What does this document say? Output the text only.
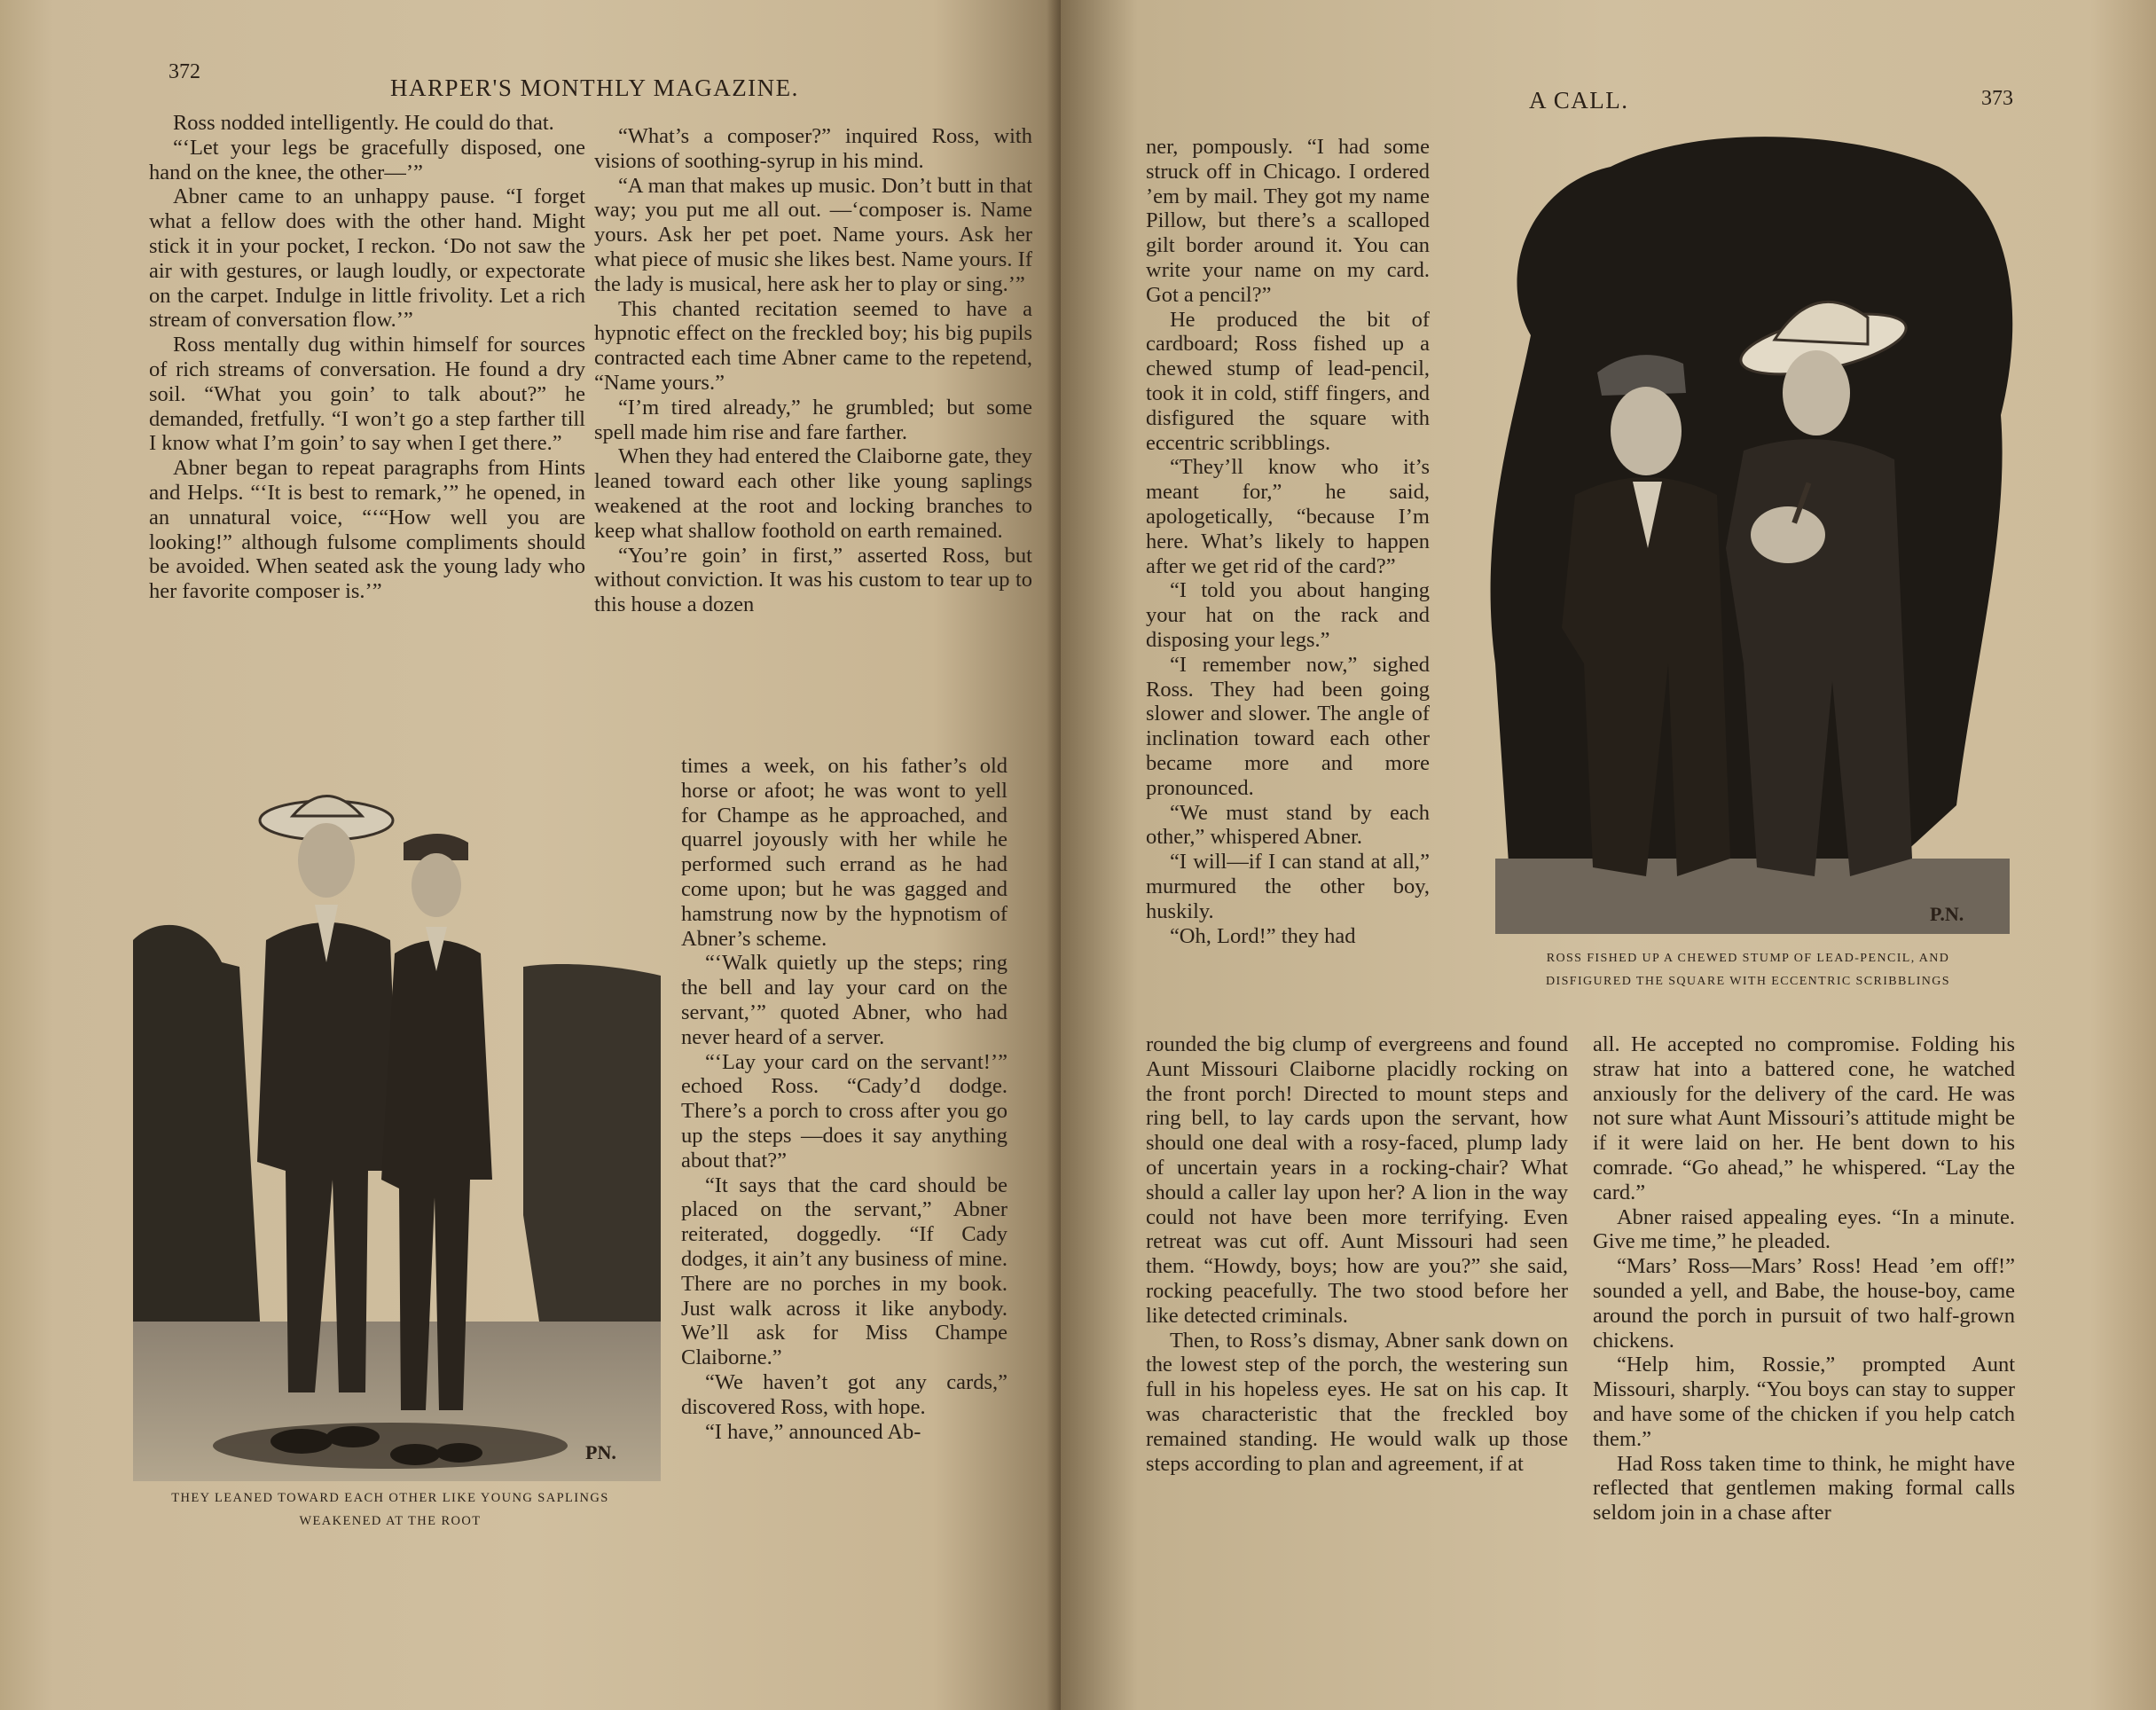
372
HARPER'S MONTHLY MAGAZINE.

Ross nodded intelligently. He could do that.

“‘Let your legs be gracefully disposed, one hand on the knee, the other—’”

Abner came to an unhappy pause. “I forget what a fellow does with the other hand. Might stick it in your pocket, I reckon. ‘Do not saw the air with gestures, or laugh loudly, or expectorate on the carpet. Indulge in little frivolity. Let a rich stream of conversation flow.’”

Ross mentally dug within himself for sources of rich streams of conversation. He found a dry soil. “What you goin’ to talk about?” he demanded, fretfully. “I won’t go a step farther till I know what I’m goin’ to say when I get there.”

Abner began to repeat paragraphs from Hints and Helps. “‘It is best to remark,’” he opened, in an unnatural voice, “‘“How well you are looking!” although fulsome compliments should be avoided. When seated ask the young lady who her favorite composer is.’”

“What’s a composer?” inquired Ross, with visions of soothing-syrup in his mind.

“A man that makes up music. Don’t butt in that way; you put me all out. —‘composer is. Name yours. Ask her pet poet. Name yours. Ask her what piece of music she likes best. Name yours. If the lady is musical, here ask her to play or sing.’”

This chanted recitation seemed to have a hypnotic effect on the freckled boy; his big pupils contracted each time Abner came to the repetend, “Name yours.”

“I’m tired already,” he grumbled; but some spell made him rise and fare farther.

When they had entered the Claiborne gate, they leaned toward each other like young saplings weakened at the root and locking branches to keep what shallow foothold on earth remained.

“You’re goin’ in first,” asserted Ross, but without conviction. It was his custom to tear up to this house a dozen

times a week, on his father’s old horse or afoot; he was wont to yell for Champe as he approached, and quarrel joyously with her while he performed such errand as he had come upon; but he was gagged and hamstrung now by the hypnotism of Abner’s scheme.

“‘Walk quietly up the steps; ring the bell and lay your card on the servant,’” quoted Abner, who had never heard of a server.

“‘Lay your card on the servant!’” echoed Ross. “Cady’d dodge. There’s a porch to cross after you go up the steps —does it say anything about that?”

“It says that the card should be placed on the servant,” Abner reiterated, doggedly. “If Cady dodges, it ain’t any business of mine. There are no porches in my book. Just walk across it like anybody. We’ll ask for Miss Champe Claiborne.”

“We haven’t got any cards,” discovered Ross, with hope.

“I have,” announced Ab-

PN.
THEY LEANED TOWARD EACH OTHER LIKE YOUNG SAPLINGS
WEAKENED AT THE ROOT
A CALL.	373

ner, pompously. “I had some struck off in Chicago. I ordered ’em by mail. They got my name Pillow, but there’s a scalloped gilt border around it. You can write your name on my card. Got a pencil?”

He produced the bit of cardboard; Ross fished up a chewed stump of lead-pencil, took it in cold, stiff fingers, and disfigured the square with eccentric scribblings.

“They’ll know who it’s meant for,” he said, apologetically, “because I’m here. What’s likely to happen after we get rid of the card?”

“I told you about hanging your hat on the rack and disposing your legs.”

“I remember now,” sighed Ross. They had been going slower and slower. The angle of inclination toward each other became more and more pronounced.

“We must stand by each other,” whispered Abner.

“I will—if I can stand at all,” murmured the other boy, huskily.

“Oh, Lord!” they had

rounded the big clump of evergreens and found Aunt Missouri Claiborne placidly rocking on the front porch! Directed to mount steps and ring bell, to lay cards upon the servant, how should one deal with a rosy-faced, plump lady of uncertain years in a rocking-chair? What should a caller lay upon her? A lion in the way could not have been more terrifying. Even retreat was cut off. Aunt Missouri had seen them. “Howdy, boys; how are you?” she said, rocking peacefully. The two stood before her like detected criminals.

Then, to Ross’s dismay, Abner sank down on the lowest step of the porch, the westering sun full in his hopeless eyes. He sat on his cap. It was characteristic that the freckled boy remained standing. He would walk up those steps according to plan and agreement, if at

all. He accepted no compromise. Folding his straw hat into a battered cone, he watched anxiously for the delivery of the card. He was not sure what Aunt Missouri’s attitude might be if it were laid on her. He bent down to his comrade. “Go ahead,” he whispered. “Lay the card.”

Abner raised appealing eyes. “In a minute. Give me time,” he pleaded.

“Mars’ Ross—Mars’ Ross! Head ’em off!” sounded a yell, and Babe, the house-boy, came around the porch in pursuit of two half-grown chickens.

“Help him, Rossie,” prompted Aunt Missouri, sharply. “You boys can stay to supper and have some of the chicken if you help catch them.”

Had Ross taken time to think, he might have reflected that gentlemen making formal calls seldom join in a chase after

P.N.
ROSS FISHED UP A CHEWED STUMP OF LEAD-PENCIL, AND
DISFIGURED THE SQUARE WITH ECCENTRIC SCRIBBLINGS
